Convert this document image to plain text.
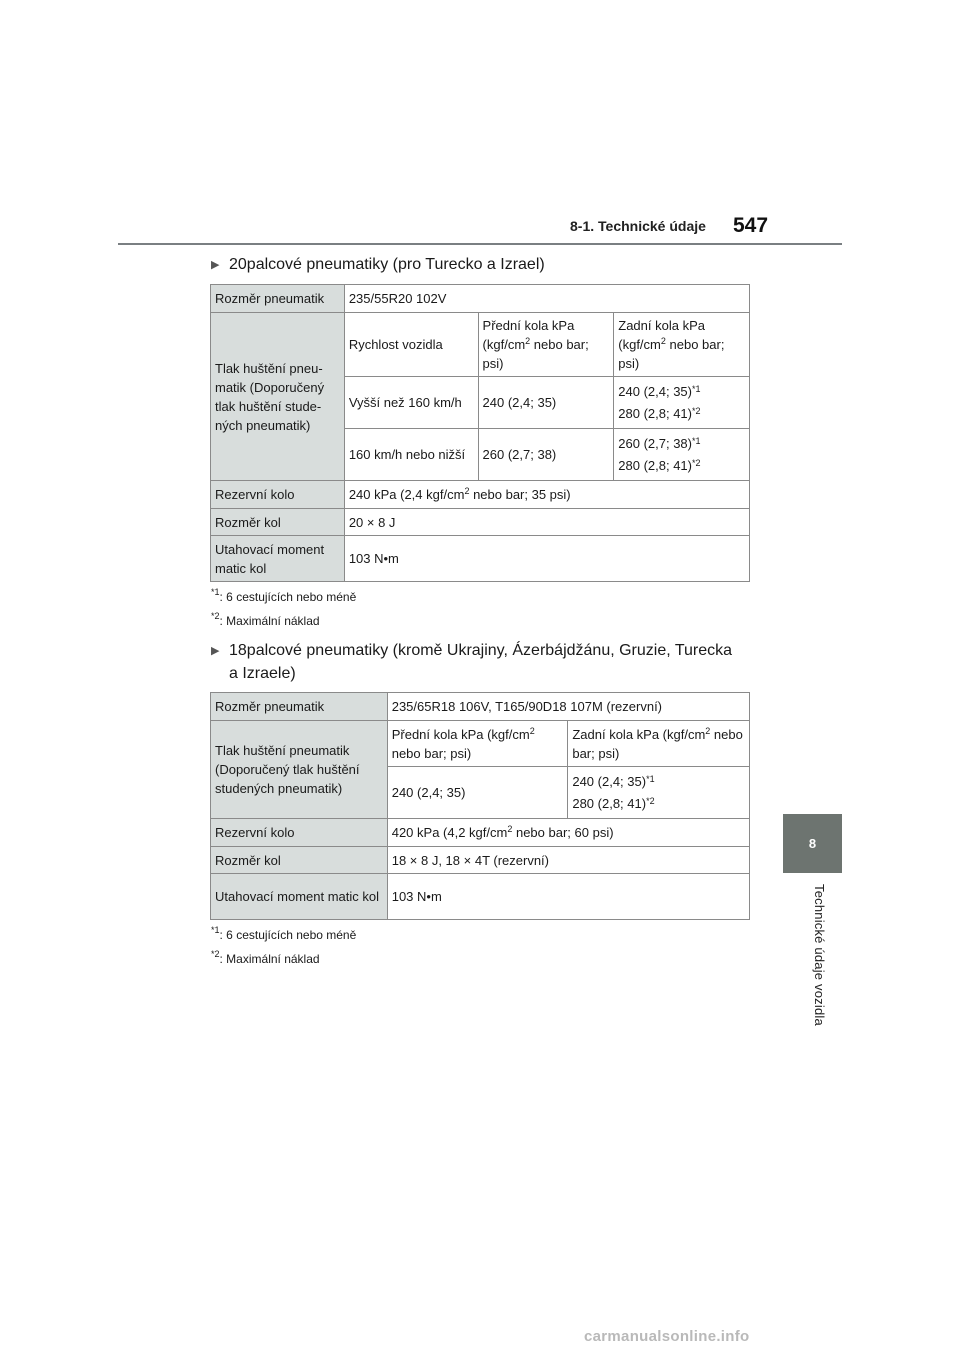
8-1. Technické údaje 547
8
Technické údaje vozidla
▶ 20palcové pneumatiky (pro Turecko a Izrael)
Rozměr pneumatik	235/55R20 102V		
Tlak huštění pneu-matik (Doporučený tlak huštění stude-ných pneumatik)	Rychlost vozidla	Přední kola kPa ($kgf/cm^2$ nebo bar; psi)	Zadní kola kPa ($kgf/cm^2$ nebo bar; psi)
	Vyšší než 160 km/h	240 (2,4; 35)	240 (2,4; 35)$^{*1}$
280 (2,8; 41)$^{*2}$
	160 km/h nebo nižší	260 (2,7; 38)	260 (2,7; 38)$^{*1}$
280 (2,8; 41)$^{*2}$
Rezervní kolo	240 kPa (2,4 kgf/$cm^2$ nebo bar; 35 psi)		
Rozměr kol	20 × 8 J		
Utahovací moment matic kol	103 N•m		
$^{*1}$: 6 cestujících nebo méně
$^{*2}$: Maximální náklad
▶ 18palcové pneumatiky (kromě Ukrajiny, Ázerbájdžánu, Gruzie, Turecka
a Izraele)
Rozměr pneumatik	235/65R18 106V, T165/90D18 107M (rezervní)	
Tlak huštění pneumatik (Doporučený tlak huštění studených pneumatik)	Přední kola kPa ($kgf/cm^2$ nebo bar; psi)	Zadní kola kPa ($kgf/cm^2$ nebo bar; psi)
	240 (2,4; 35)	240 (2,4; 35)$^{*1}$
280 (2,8; 41)$^{*2}$
Rezervní kolo	420 kPa (4,2 kgf/$cm^2$ nebo bar; 60 psi)	
Rozměr kol	18 × 8 J, 18 × 4T (rezervní)	
Utahovací moment matic kol	103 N•m	
$^{*1}$: 6 cestujících nebo méně
$^{*2}$: Maximální náklad
carmanualsonline.info
